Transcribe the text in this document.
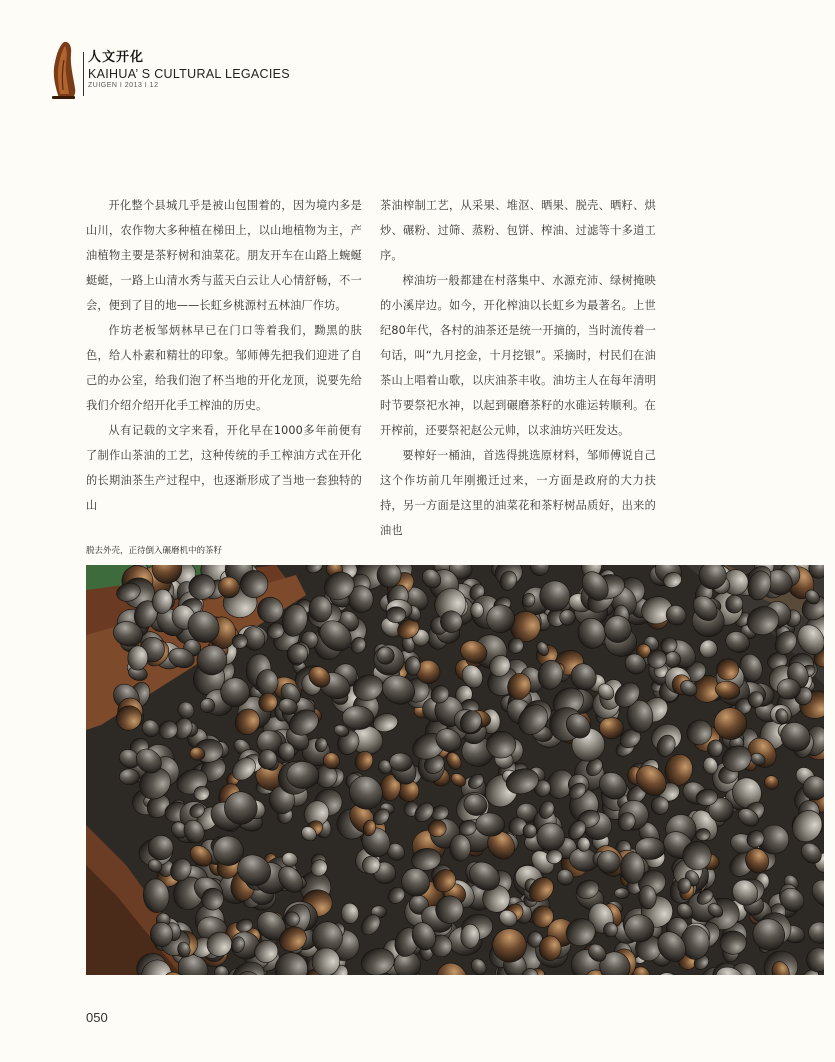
人文开化
KAIHUA’ S CULTURAL LEGACIES
ZUIGEN I 2013 I 12

开化整个县城几乎是被山包围着的，因为境内多是山川，农作物大多种植在梯田上，以山地植物为主，产油植物主要是茶籽树和油菜花。朋友开车在山路上蜿蜒蜓蜓，一路上山清水秀与蓝天白云让人心情舒畅，不一会，便到了目的地——长虹乡桃源村五林油厂作坊。

作坊老板邹炳林早已在门口等着我们，黝黑的肤色，给人朴素和精壮的印象。邹师傅先把我们迎进了自己的办公室，给我们泡了杯当地的开化龙顶，说要先给我们介绍介绍开化手工榨油的历史。

从有记载的文字来看，开化早在1000多年前便有了制作山茶油的工艺，这种传统的手工榨油方式在开化的长期油茶生产过程中，也逐渐形成了当地一套独特的山

茶油榨制工艺，从采果、堆沤、晒果、脱壳、晒籽、烘炒、碾粉、过筛、蒸粉、包饼、榨油、过滤等十多道工序。

榨油坊一般都建在村落集中、水源充沛、绿树掩映的小溪岸边。如今，开化榨油以长虹乡为最著名。上世纪80年代，各村的油茶还是统一开摘的，当时流传着一句话，叫“九月挖金，十月挖银”。采摘时，村民们在油茶山上唱着山歌，以庆油茶丰收。油坊主人在每年清明时节要祭祀水神，以起到碾磨茶籽的水碓运转顺利。在开榨前，还要祭祀赵公元帅，以求油坊兴旺发达。

要榨好一桶油，首选得挑选原材料，邹师傅说自己这个作坊前几年刚搬迁过来，一方面是政府的大力扶持，另一方面是这里的油菜花和茶籽树品质好，出来的油也

脱去外壳，正待倒入碾磨机中的茶籽
050
